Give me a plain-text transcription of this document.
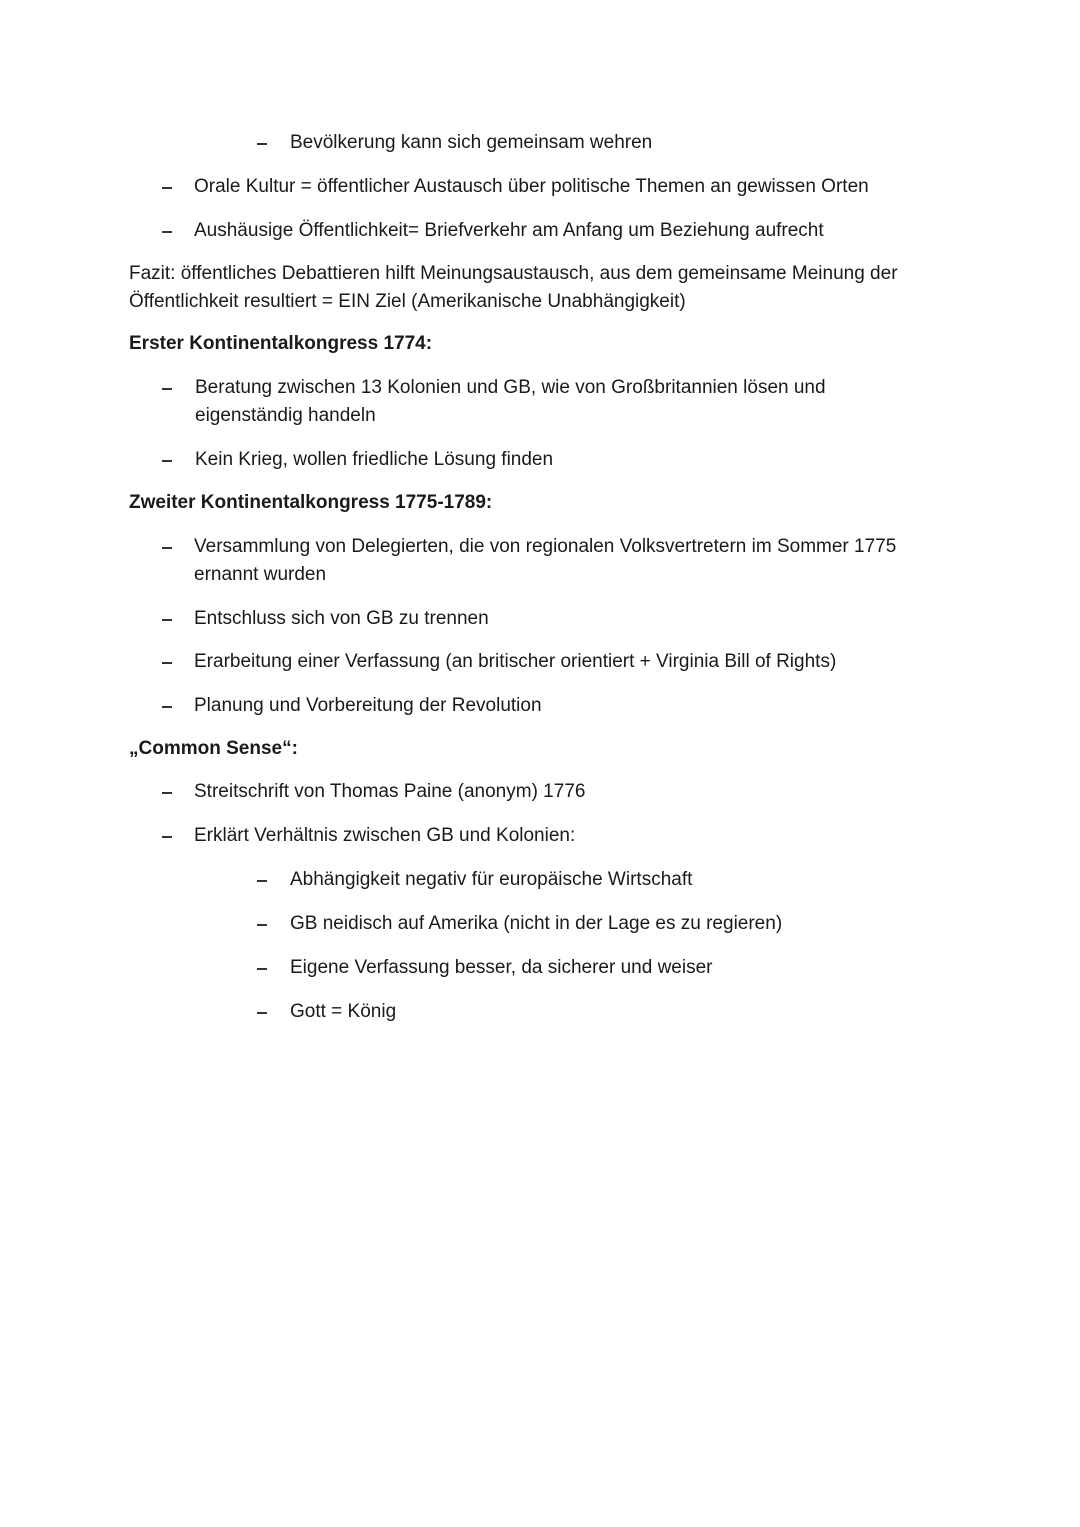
Bevölkerung kann sich gemeinsam wehren
Orale Kultur = öffentlicher Austausch über politische Themen an gewissen Orten
Aushäusige Öffentlichkeit= Briefverkehr am Anfang um Beziehung aufrecht
Fazit: öffentliches Debattieren hilft Meinungsaustausch, aus dem gemeinsame Meinung der
Öffentlichkeit resultiert = EIN Ziel (Amerikanische Unabhängigkeit)
Erster Kontinentalkongress 1774:
Beratung zwischen 13 Kolonien und GB, wie von Großbritannien lösen und
eigenständig handeln
Kein Krieg, wollen friedliche Lösung finden
Zweiter Kontinentalkongress 1775-1789:
Versammlung von Delegierten, die von regionalen Volksvertretern im Sommer 1775
ernannt wurden
Entschluss sich von GB zu trennen
Erarbeitung einer Verfassung (an britischer orientiert + Virginia Bill of Rights)
Planung und Vorbereitung der Revolution
„Common Sense“:
Streitschrift von Thomas Paine (anonym) 1776
Erklärt Verhältnis zwischen GB und Kolonien:
Abhängigkeit negativ für europäische Wirtschaft
GB neidisch auf Amerika (nicht in der Lage es zu regieren)
Eigene Verfassung besser, da sicherer und weiser
Gott = König
